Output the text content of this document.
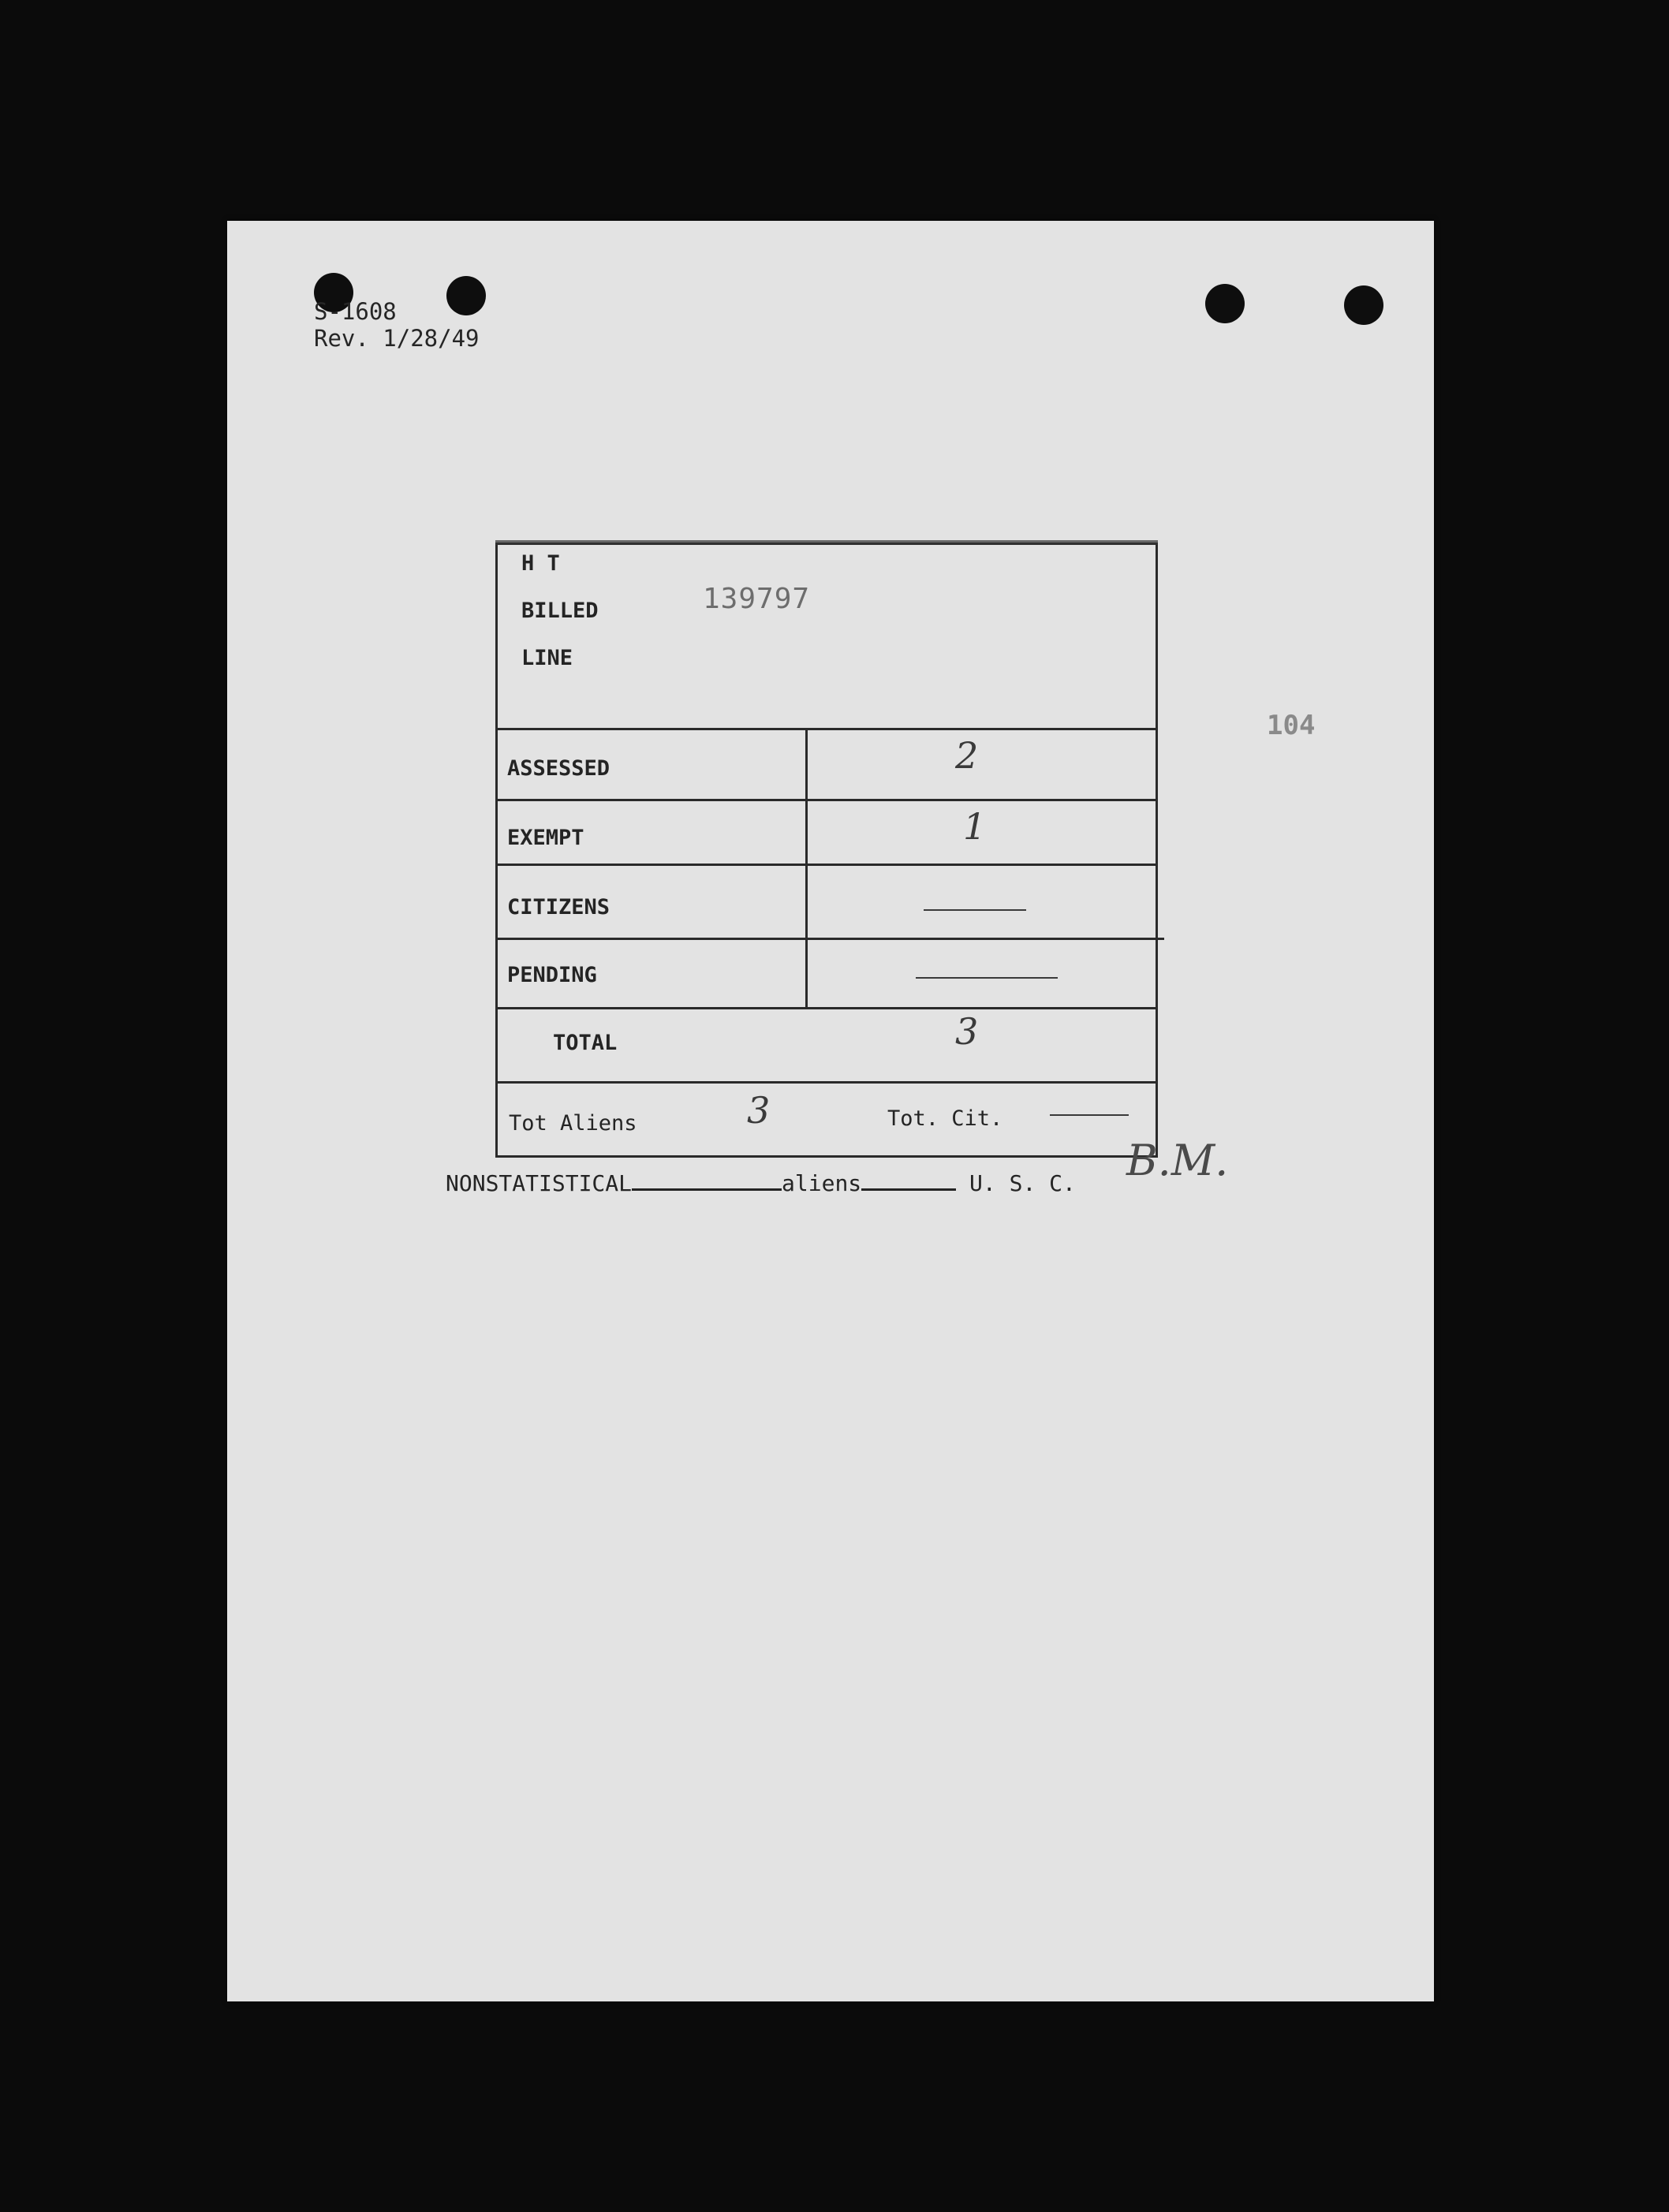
S-1608
Rev. 1/28/49
104
H T
BILLED
LINE
139797
ASSESSED	2
EXEMPT	1
CITIZENS
PENDING
TOTAL	3
Tot Aliens	3	Tot. Cit.
NONSTATISTICAL	aliens	U. S. C. B.M.
